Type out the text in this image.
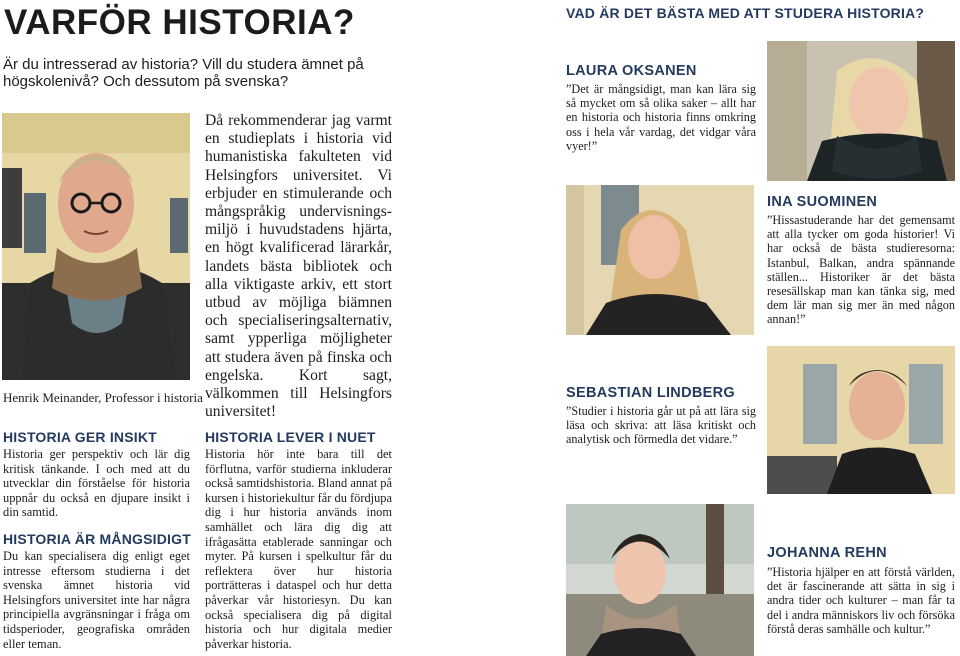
VARFÖR HISTORIA?
Är du intresserad av historia? Vill du studera ämnet på högskolenivå? Och dessutom på svenska?
Henrik Meinander, Professor i historia
Då rekommenderar jag varmt en studieplats i historia vid humanistiska fakulteten vid Helsingfors universitet. Vi erbjuder en stimulerande och mångspråkig undervisningsmiljö i huvudstadens hjärta, en högt kvalificerad lärarkår, landets bästa bibliotek och alla viktigaste arkiv, ett stort utbud av möjliga biämnen och specialiseringsalternativ, samt ypperliga möjligheter att studera även på finska och engelska. Kort sagt, välkommen till Helsingfors universitet!
HISTORIA GER INSIKT
Historia ger perspektiv och lär dig kritisk tänkande. I och med att du utvecklar din förståelse för historia uppnår du också en djupare insikt i din samtid.
HISTORIA ÄR MÅNGSIDIGT
Du kan specialisera dig enligt eget intresse eftersom studierna i det svenska ämnet historia vid Helsingfors universitet inte har några principiella avgränsningar i fråga om tidsperioder, geografiska områden eller teman.
HISTORIA LEVER I NUET
Historia hör inte bara till det förflutna, varför studierna inkluderar också samtidshistoria. Bland annat på kursen i historiekultur får du fördjupa dig i hur historia används inom samhället och lära dig dig att ifrågasätta etablerade sanningar och myter. På kursen i spelkultur får du reflektera över hur historia porträtteras i dataspel och hur detta påverkar vår historiesyn. Du kan också specialisera dig på digital historia och hur digitala medier påverkar historia.
VAD ÄR DET BÄSTA MED ATT STUDERA HISTORIA?
LAURA OKSANEN
”Det är mångsidigt, man kan lära sig så mycket om så olika saker – allt har en historia och historia finns omkring oss i hela vår vardag, det vidgar våra vyer!”
INA SUOMINEN
”Hissastuderande har det gemensamt att alla tycker om goda historier! Vi har också de bästa studieresorna: Istanbul, Balkan, andra spännande ställen... Historiker är det bästa resesällskap man kan tänka sig, med dem lär man sig mer än med någon annan!”
SEBASTIAN LINDBERG
”Studier i historia går ut på att lära sig läsa och skriva: att läsa kritiskt och analytisk och förmedla det vidare.”
JOHANNA REHN
”Historia hjälper en att förstå världen, det är fascinerande att sätta in sig i andra tider och kulturer – man får ta del i andra människors liv och försöka förstå deras samhälle och kultur.”
